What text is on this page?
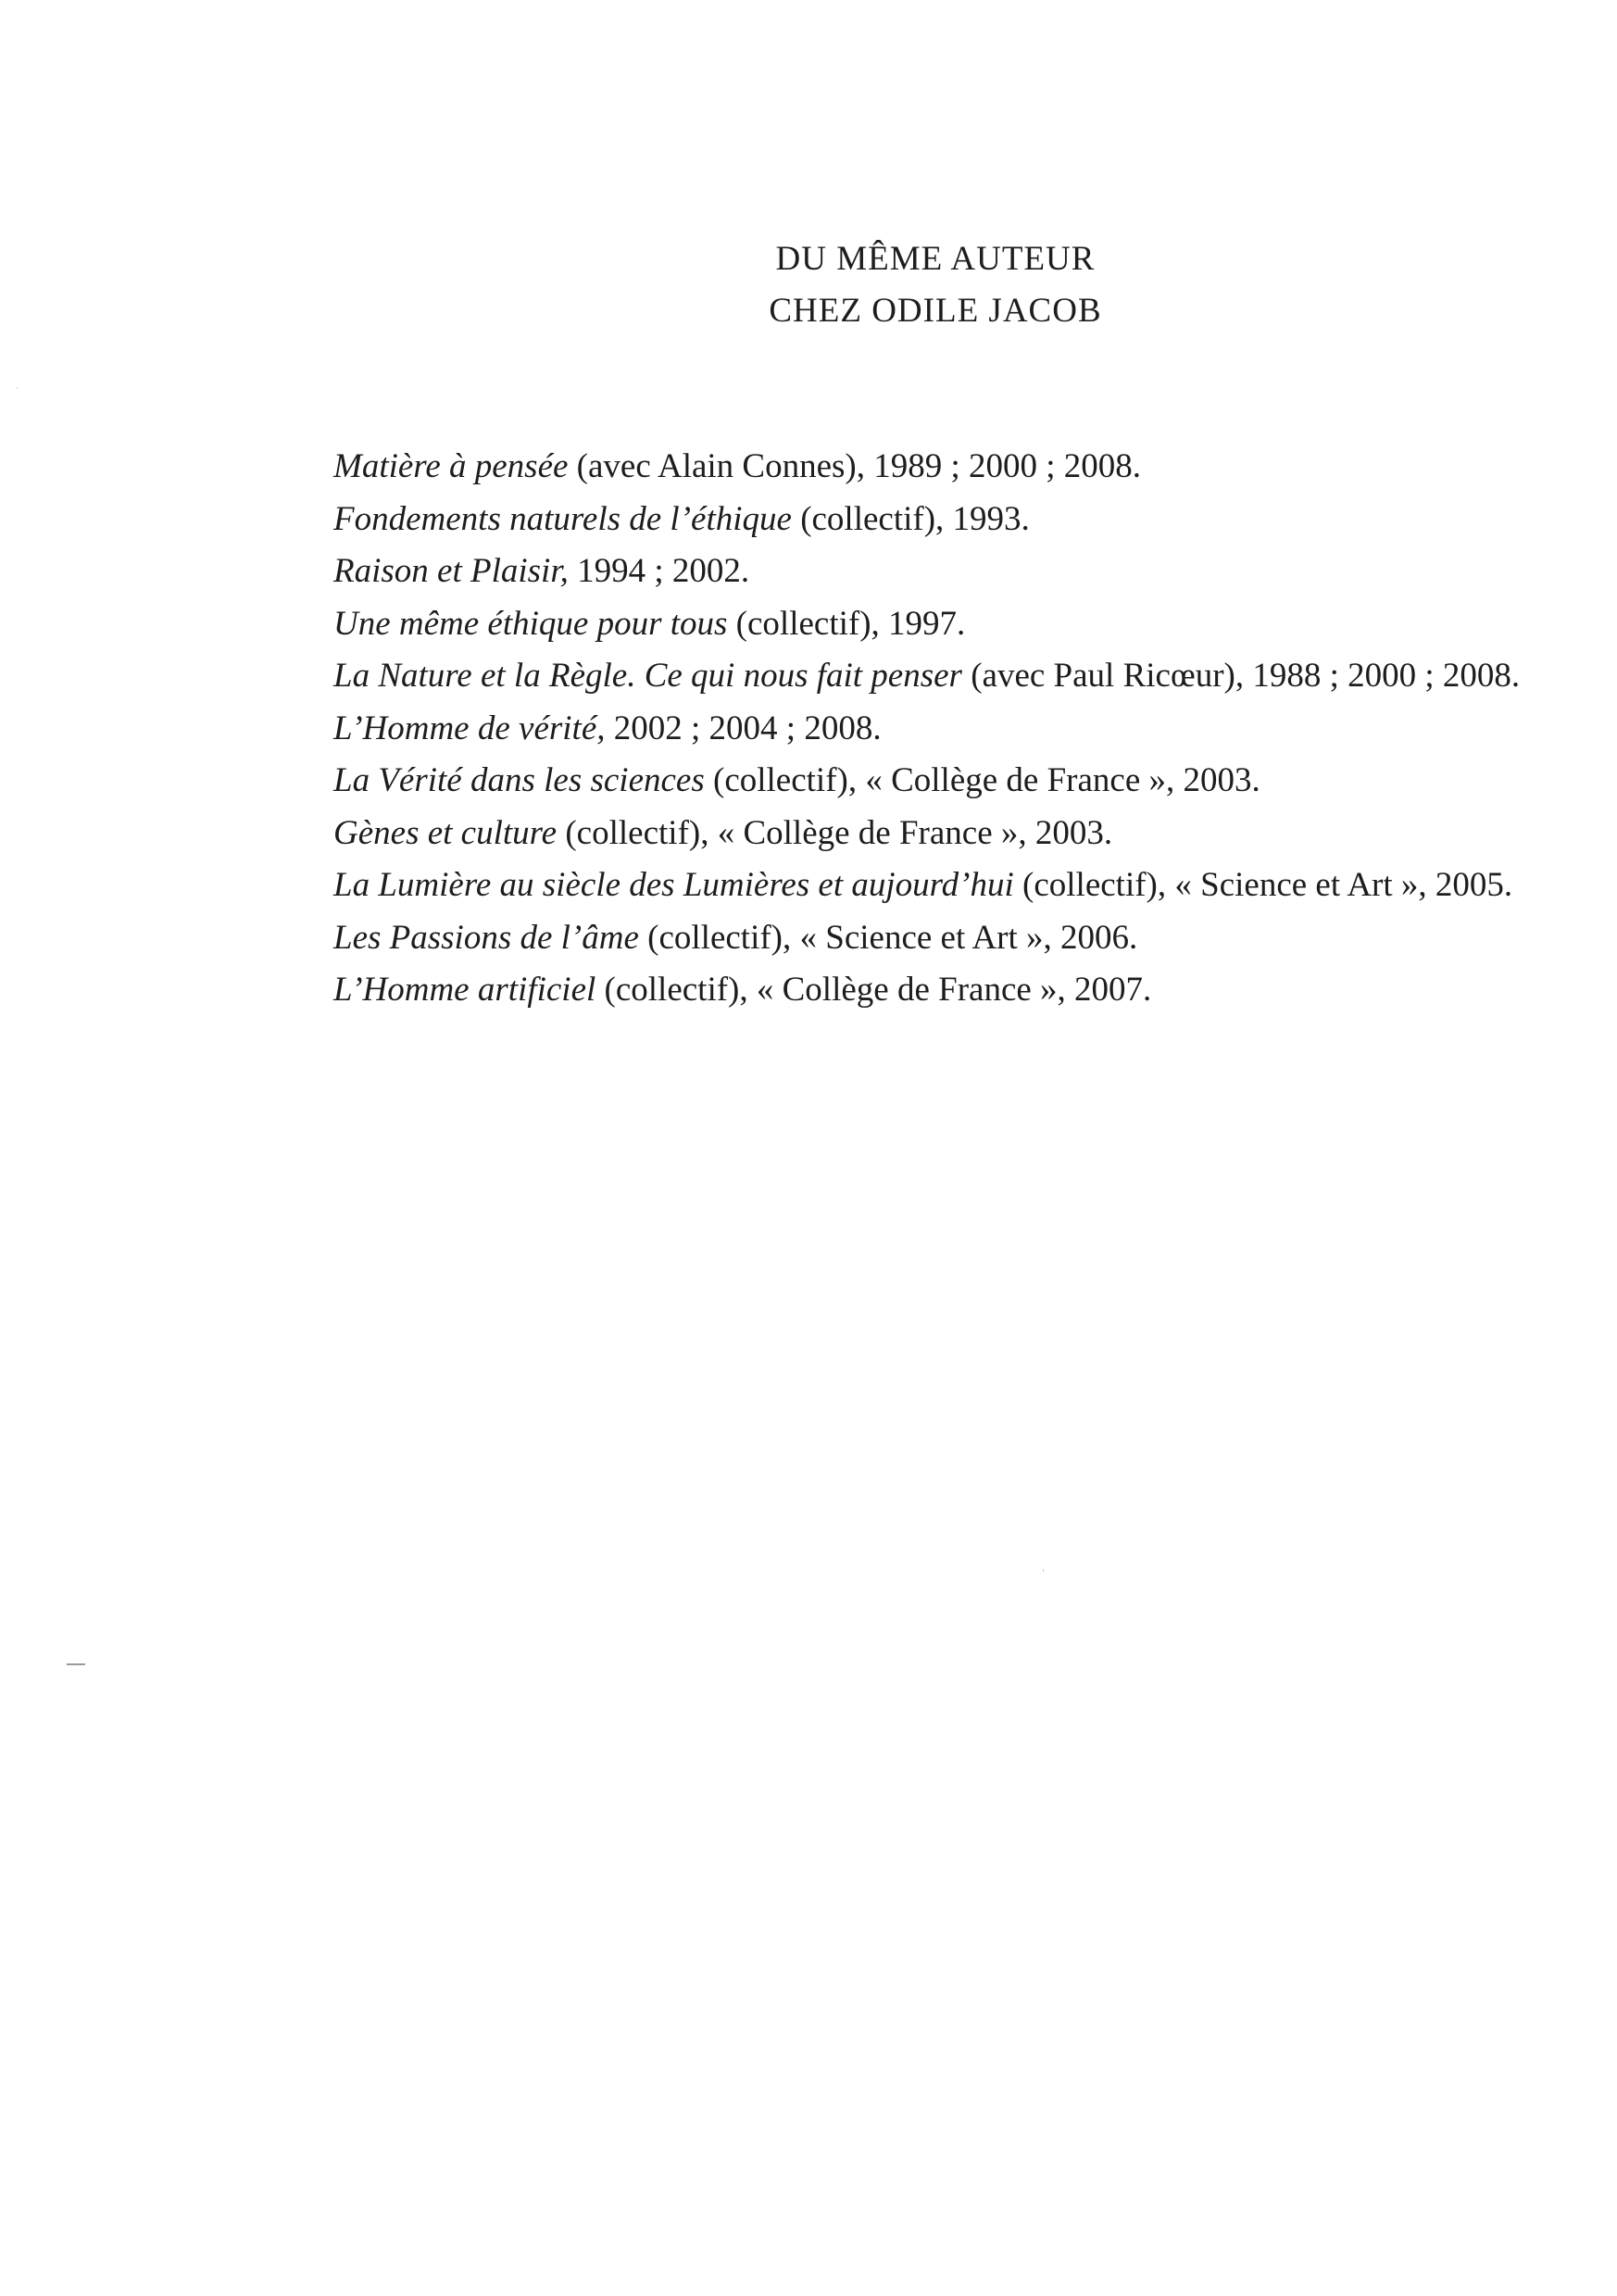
DU MÊME AUTEUR
CHEZ ODILE JACOB

Matière à pensée (avec Alain Connes), 1989 ; 2000 ; 2008.

Fondements naturels de l’éthique (collectif), 1993.

Raison et Plaisir, 1994 ; 2002.

Une même éthique pour tous (collectif), 1997.

La Nature et la Règle. Ce qui nous fait penser (avec Paul Ricœur), 1988 ; 2000 ; 2008.

L’Homme de vérité, 2002 ; 2004 ; 2008.

La Vérité dans les sciences (collectif), « Collège de France », 2003.

Gènes et culture (collectif), « Collège de France », 2003.

La Lumière au siècle des Lumières et aujourd’hui (collectif), « Science et Art », 2005.

Les Passions de l’âme (collectif), « Science et Art », 2006.

L’Homme artificiel (collectif), « Collège de France », 2007.
